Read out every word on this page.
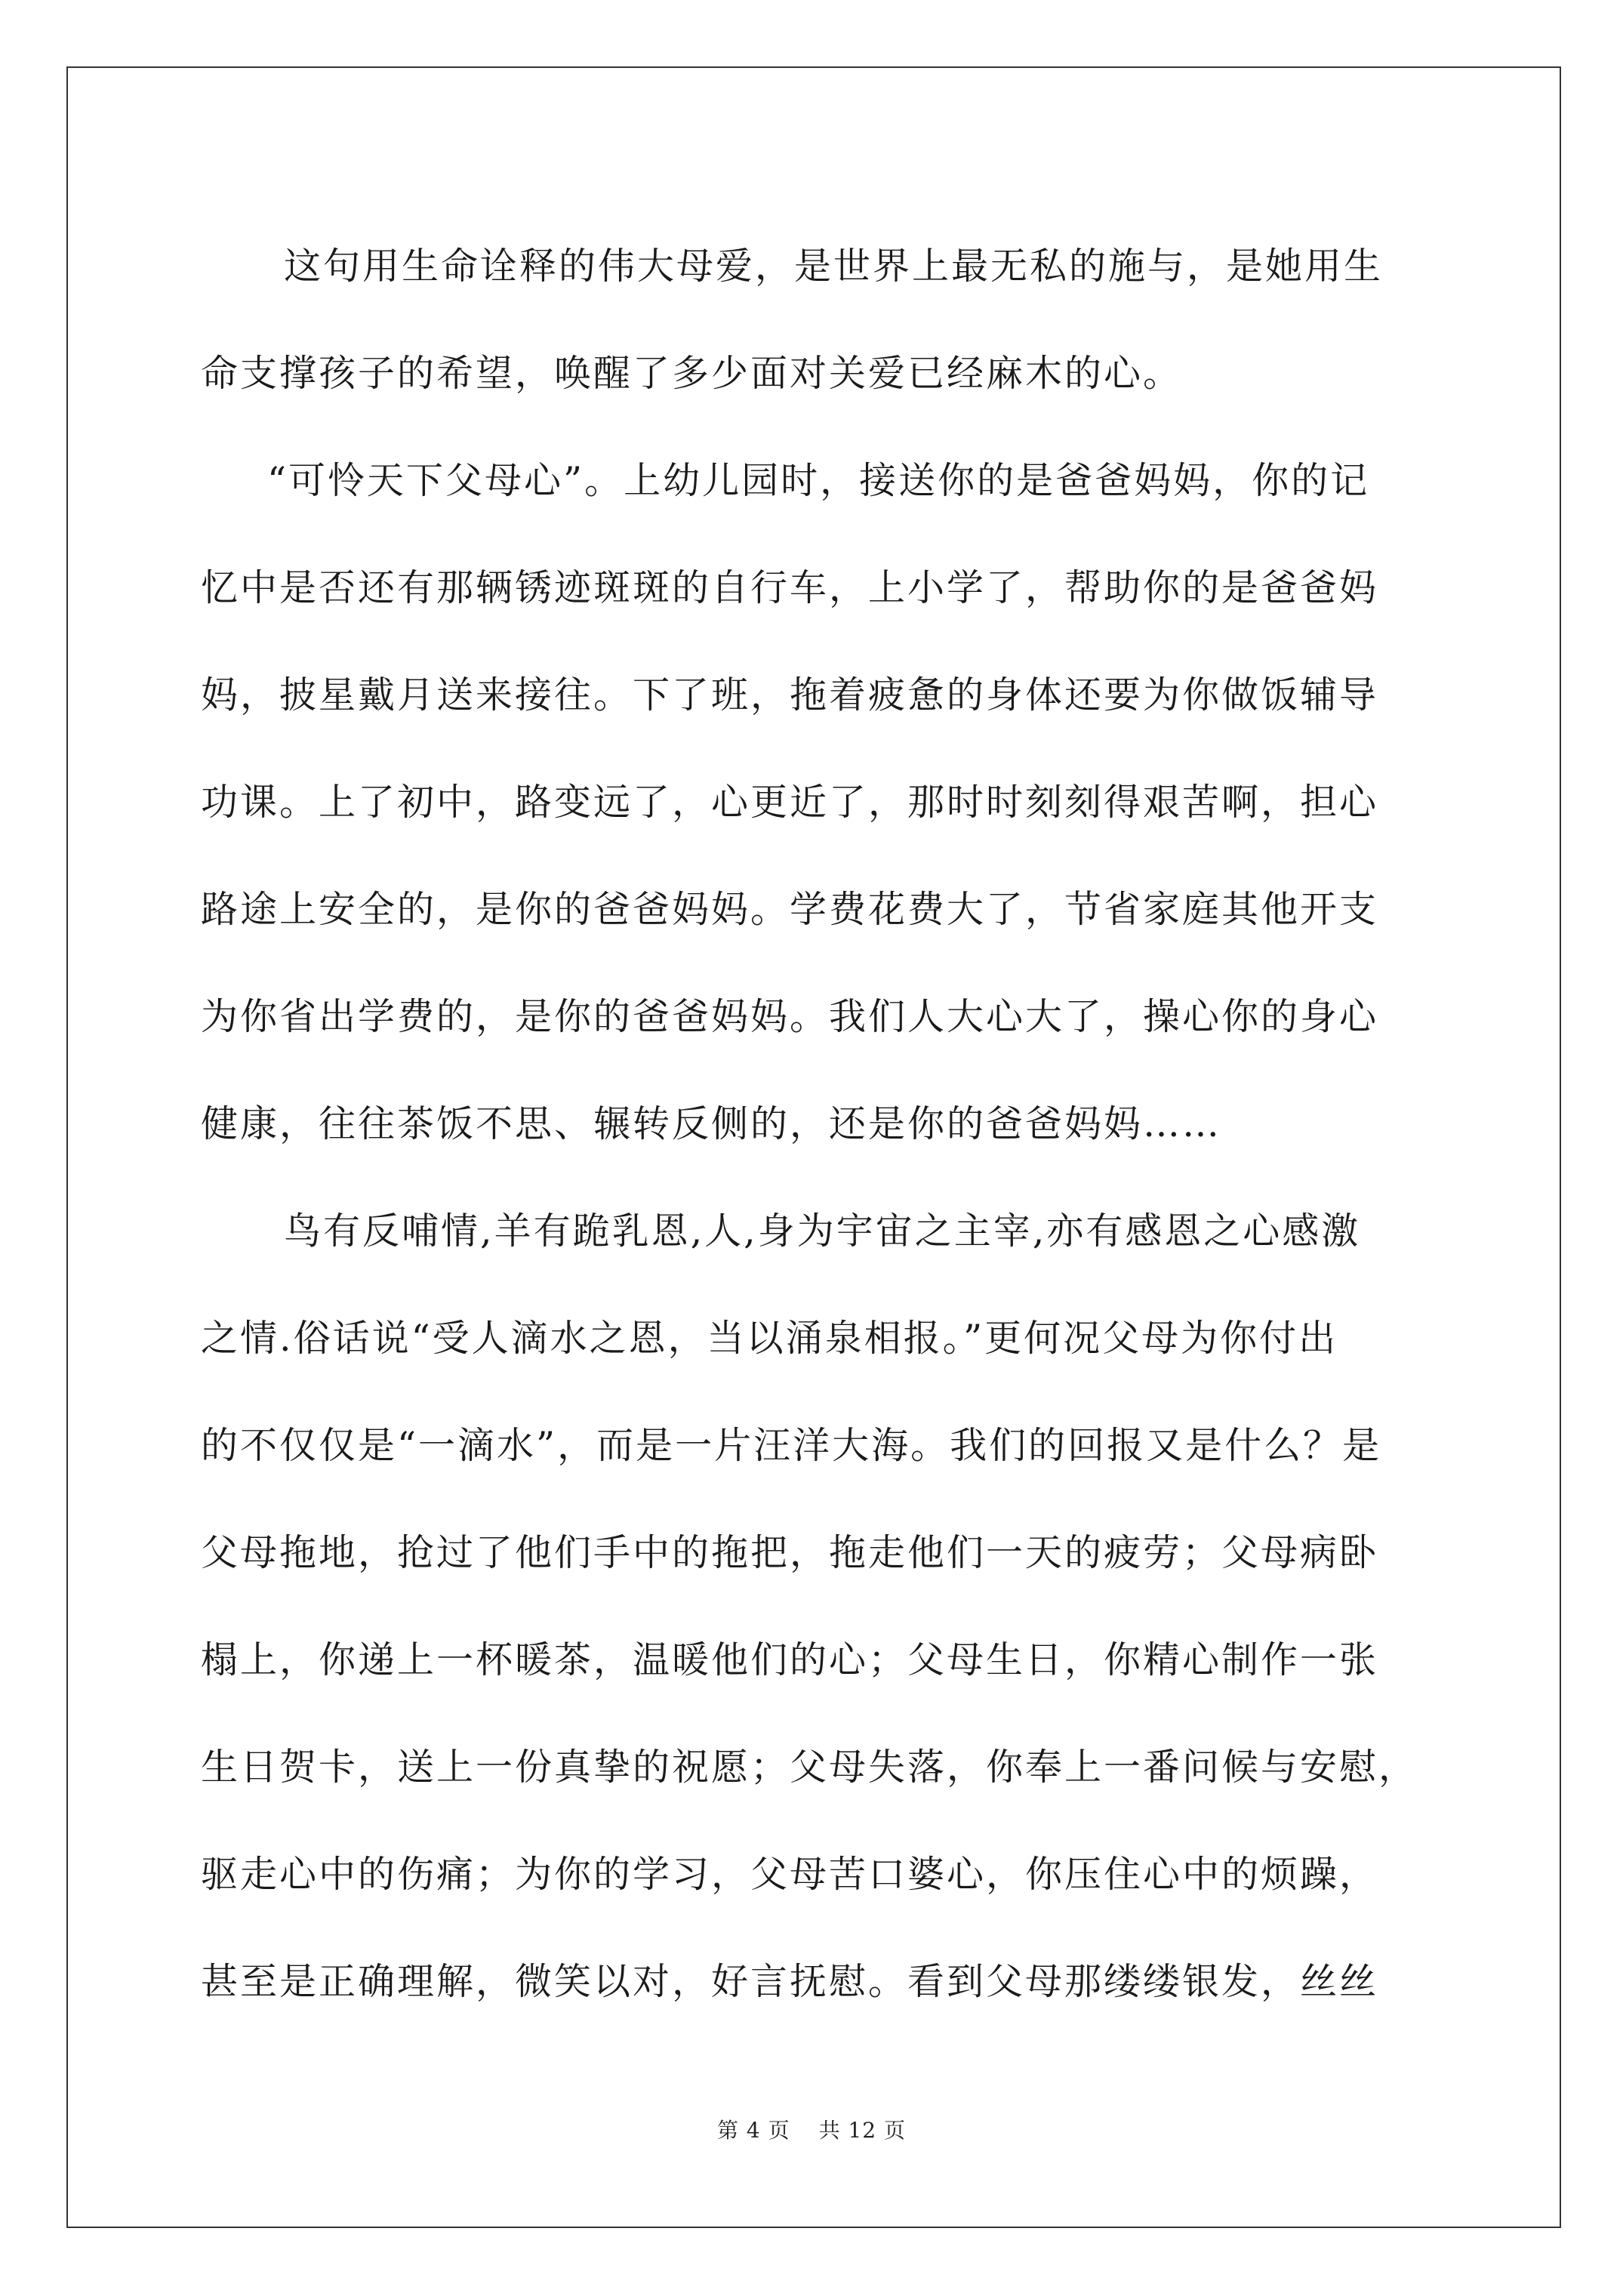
这句用生命诠释的伟大母爱，是世界上最无私的施与，是她用生
命支撑孩子的希望，唤醒了多少面对关爱已经麻木的心。
“可怜天下父母心”。上幼儿园时，接送你的是爸爸妈妈，你的记
忆中是否还有那辆锈迹斑斑的自行车，上小学了，帮助你的是爸爸妈
妈，披星戴月送来接往。下了班，拖着疲惫的身体还要为你做饭辅导
功课。上了初中，路变远了，心更近了，那时时刻刻得艰苦啊，担心
路途上安全的，是你的爸爸妈妈。学费花费大了，节省家庭其他开支
为你省出学费的，是你的爸爸妈妈。我们人大心大了，操心你的身心
健康，往往茶饭不思、辗转反侧的，还是你的爸爸妈妈……
鸟有反哺情,羊有跪乳恩,人,身为宇宙之主宰,亦有感恩之心感激
之情.俗话说“受人滴水之恩，当以涌泉相报。”更何况父母为你付出
的不仅仅是“一滴水”，而是一片汪洋大海。我们的回报又是什么？是
父母拖地，抢过了他们手中的拖把，拖走他们一天的疲劳；父母病卧
榻上，你递上一杯暖茶，温暖他们的心；父母生日，你精心制作一张
生日贺卡，送上一份真挚的祝愿；父母失落，你奉上一番问候与安慰，
驱走心中的伤痛；为你的学习，父母苦口婆心，你压住心中的烦躁，
甚至是正确理解，微笑以对，好言抚慰。看到父母那缕缕银发，丝丝
第 4 页 共 12 页
